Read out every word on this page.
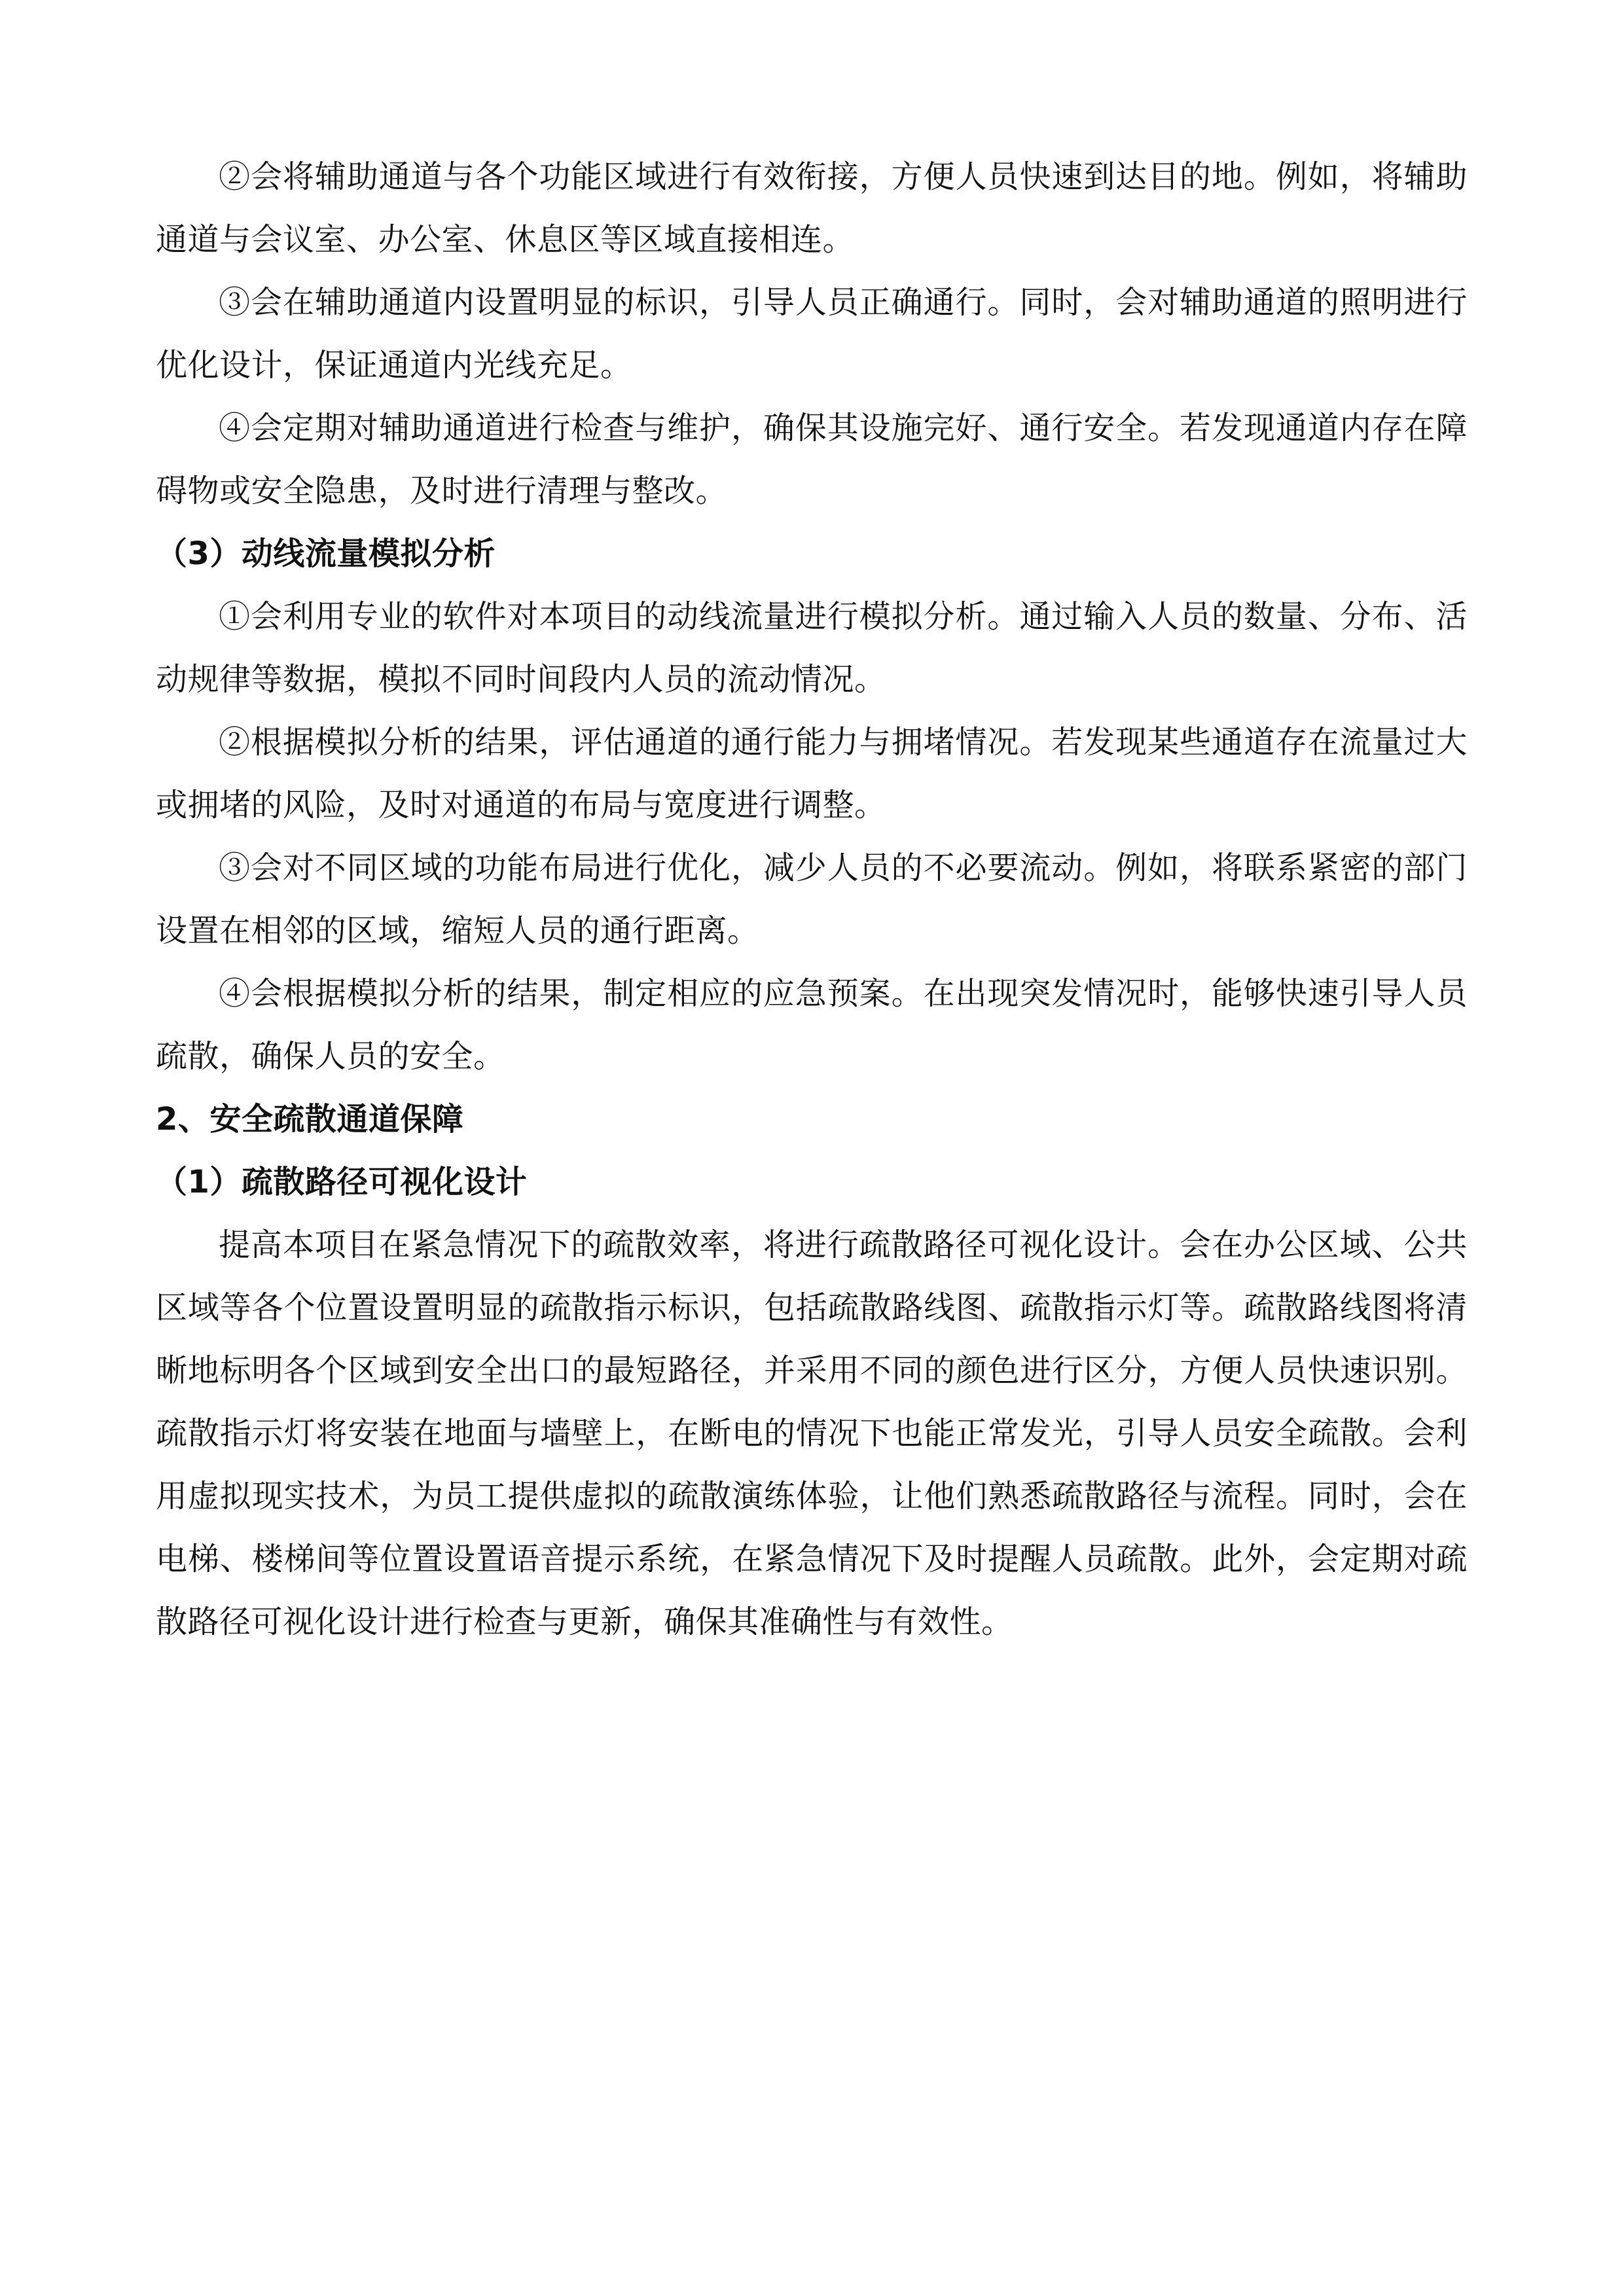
②会将辅助通道与各个功能区域进行有效衔接，方便人员快速到达目的地。例如，将辅助通道与会议室、办公室、休息区等区域直接相连。

③会在辅助通道内设置明显的标识，引导人员正确通行。同时，会对辅助通道的照明进行优化设计，保证通道内光线充足。

④会定期对辅助通道进行检查与维护，确保其设施完好、通行安全。若发现通道内存在障碍物或安全隐患，及时进行清理与整改。

（3）动线流量模拟分析

①会利用专业的软件对本项目的动线流量进行模拟分析。通过输入人员的数量、分布、活动规律等数据，模拟不同时间段内人员的流动情况。

②根据模拟分析的结果，评估通道的通行能力与拥堵情况。若发现某些通道存在流量过大或拥堵的风险，及时对通道的布局与宽度进行调整。

③会对不同区域的功能布局进行优化，减少人员的不必要流动。例如，将联系紧密的部门设置在相邻的区域，缩短人员的通行距离。

④会根据模拟分析的结果，制定相应的应急预案。在出现突发情况时，能够快速引导人员疏散，确保人员的安全。

2、安全疏散通道保障

（1）疏散路径可视化设计

提高本项目在紧急情况下的疏散效率，将进行疏散路径可视化设计。会在办公区域、公共区域等各个位置设置明显的疏散指示标识，包括疏散路线图、疏散指示灯等。疏散路线图将清晰地标明各个区域到安全出口的最短路径，并采用不同的颜色进行区分，方便人员快速识别。疏散指示灯将安装在地面与墙壁上，在断电的情况下也能正常发光，引导人员安全疏散。会利用虚拟现实技术，为员工提供虚拟的疏散演练体验，让他们熟悉疏散路径与流程。同时，会在电梯、楼梯间等位置设置语音提示系统，在紧急情况下及时提醒人员疏散。此外，会定期对疏散路径可视化设计进行检查与更新，确保其准确性与有效性。
